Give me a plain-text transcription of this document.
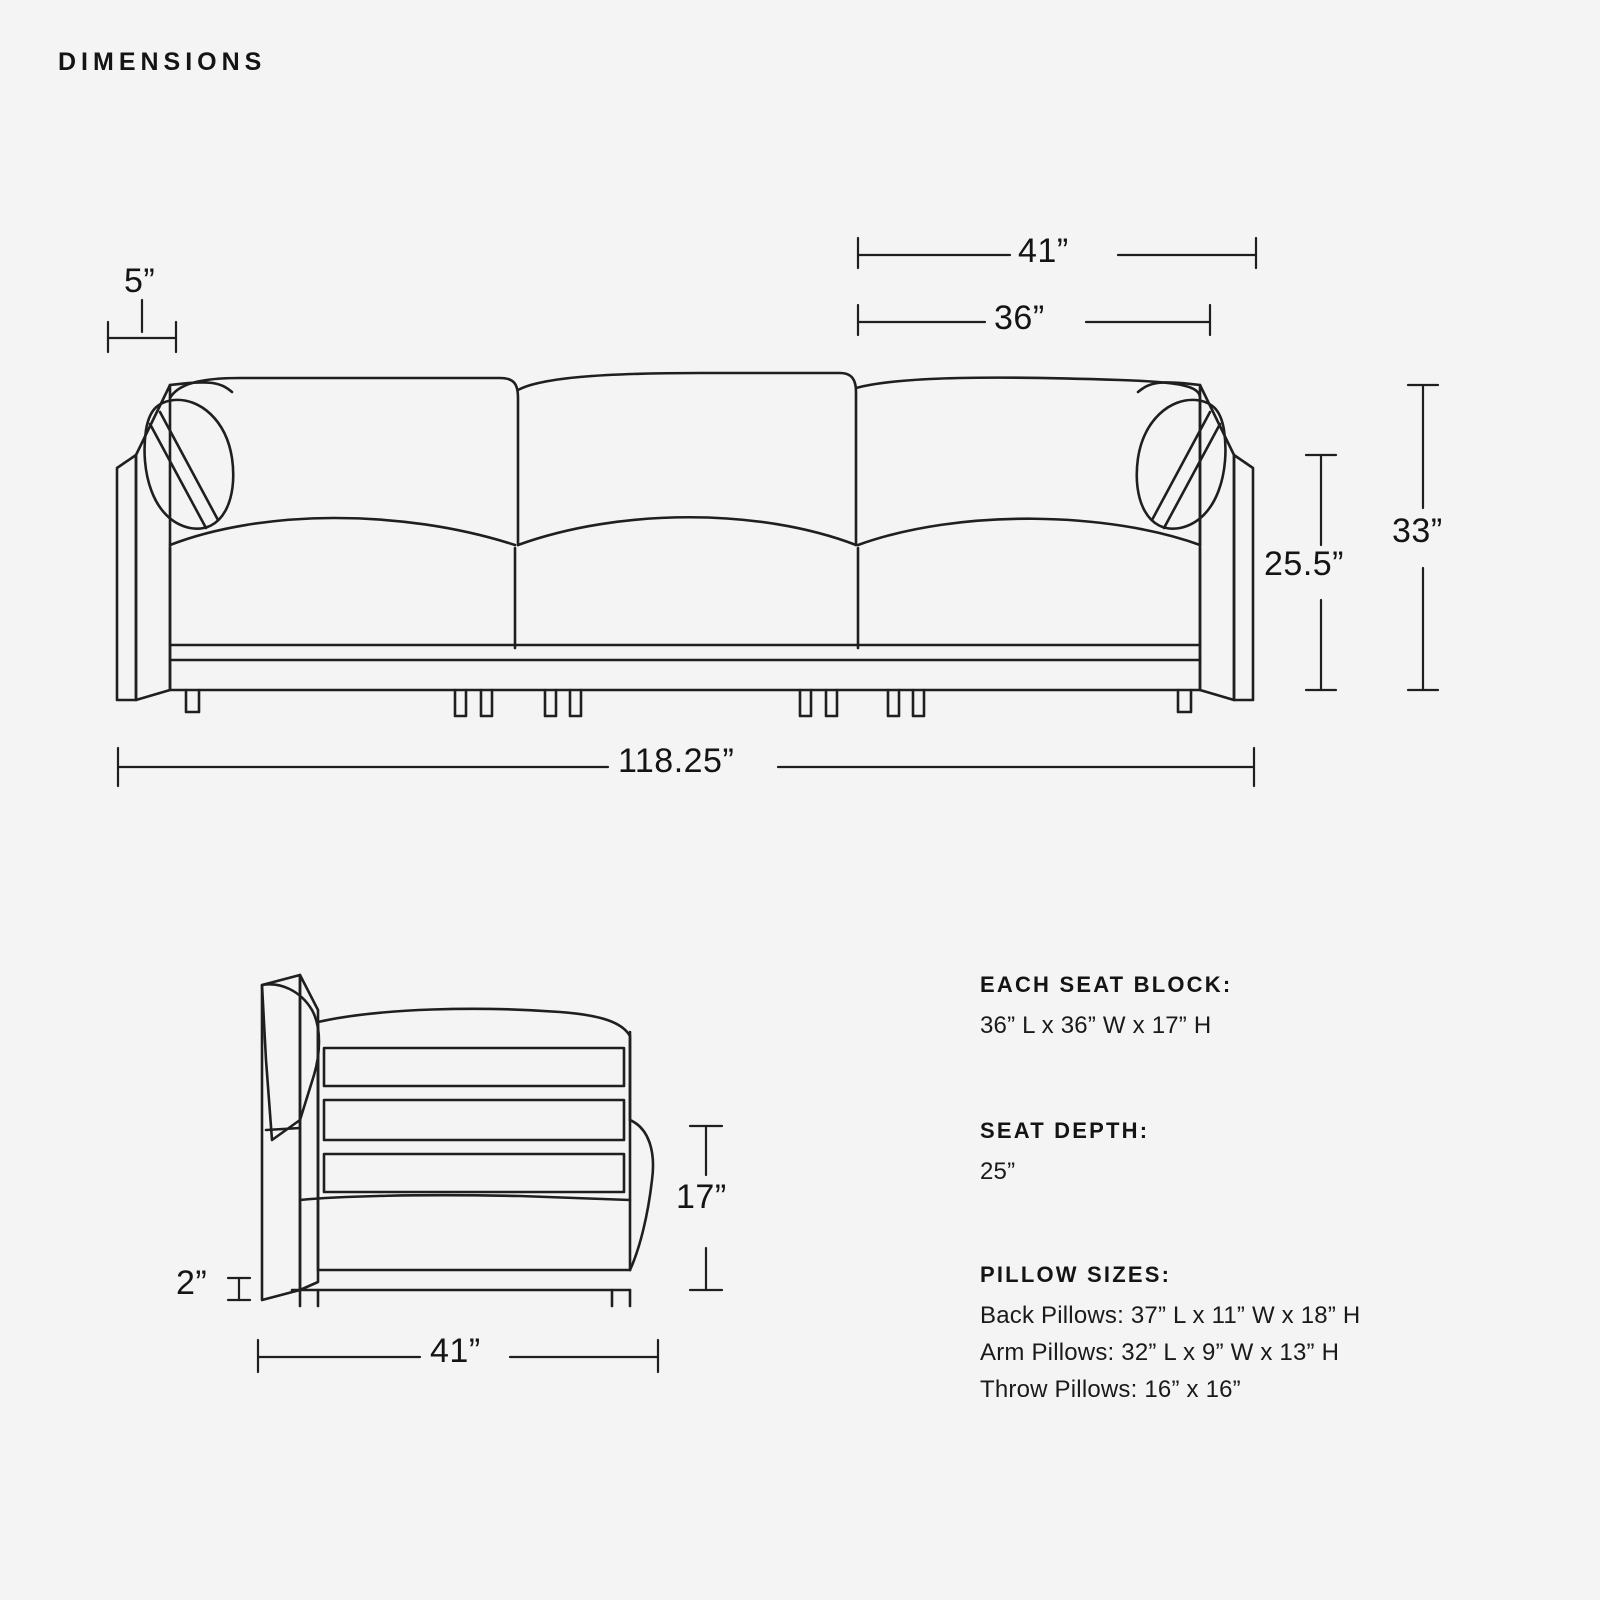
DIMENSIONS
5”
41”
36”
33”
25.5”
118.25”
17”
2”
41”
EACH SEAT BLOCK:
36” L x 36” W x 17” H
SEAT DEPTH:
25”
PILLOW SIZES:
Back Pillows: 37” L x 11” W x 18” H
Arm Pillows: 32” L x 9” W x 13” H
Throw Pillows: 16” x 16”
